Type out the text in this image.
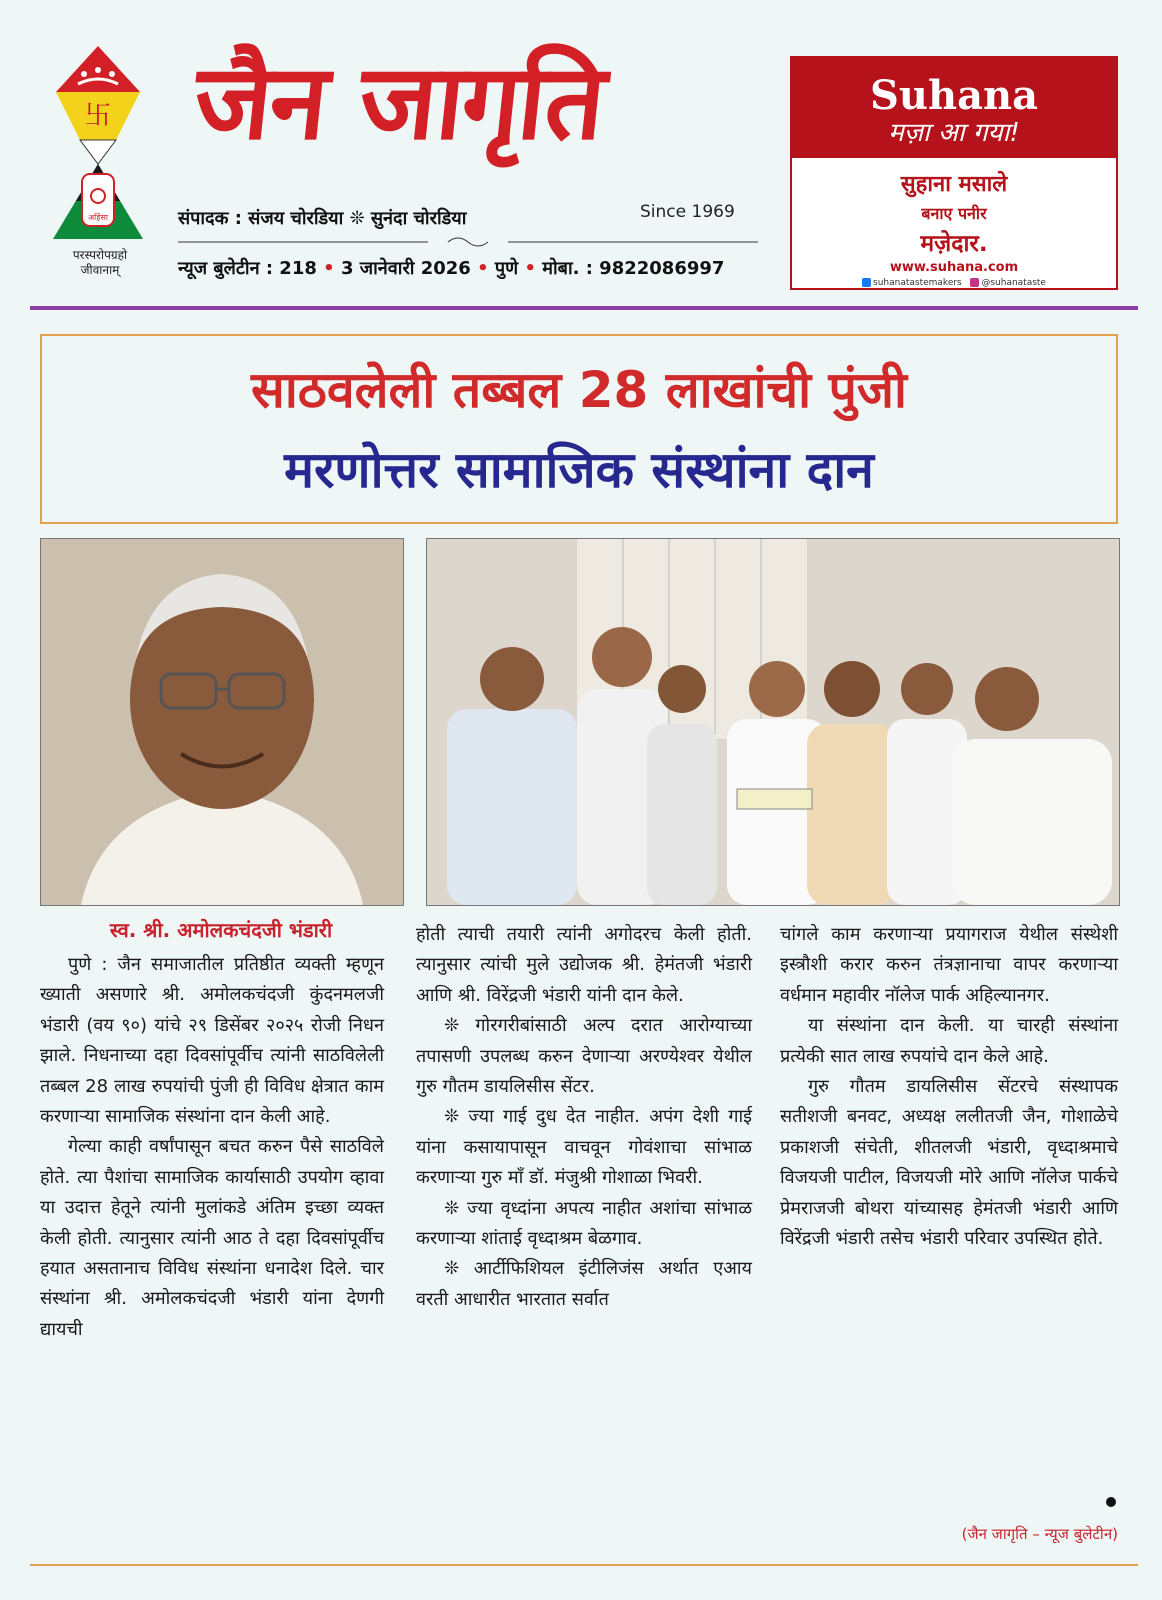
卐
अहिंसा
परस्परोपग्रहो
जीवानाम्
जैन जागृति
संपादक : संजय चोरडिया ❊ सुनंदा चोरडिया	Since 1969
न्यूज बुलेटीन : 218 • 3 जानेवारी 2026 • पुणे • मोबा. : 9822086997
Suhana
मज़ा आ गया!
सुहाना मसाले
बनाए पनीर
मज़ेदार.
www.suhana.com
suhanatastemakers @suhanataste
साठवलेली तब्बल 28 लाखांची पुंजी
मरणोत्तर सामाजिक संस्थांना दान
स्व. श्री. अमोलकचंदजी भंडारी

पुणे : जैन समाजातील प्रतिष्ठीत व्यक्ती म्हणून ख्याती असणारे श्री. अमोलकचंदजी कुंदनमलजी भंडारी (वय ९०) यांचे २९ डिसेंबर २०२५ रोजी निधन झाले. निधनाच्या दहा दिवसांपूर्वीच त्यांनी साठविलेली तब्बल 28 लाख रुपयांची पुंजी ही विविध क्षेत्रात काम करणाऱ्या सामाजिक संस्थांना दान केली आहे.

गेल्या काही वर्षांपासून बचत करुन पैसे साठविले होते. त्या पैशांचा सामाजिक कार्यासाठी उपयोग व्हावा या उदात्त हेतूने त्यांनी मुलांकडे अंतिम इच्छा व्यक्त केली होती. त्यानुसार त्यांनी आठ ते दहा दिवसांपूर्वीच हयात असतानाच विविध संस्थांना धनादेश दिले. चार संस्थांना श्री. अमोलकचंदजी भंडारी यांना देणगी द्यायची

होती त्याची तयारी त्यांनी अगोदरच केली होती. त्यानुसार त्यांची मुले उद्योजक श्री. हेमंतजी भंडारी आणि श्री. विरेंद्रजी भंडारी यांनी दान केले.

❊ गोरगरीबांसाठी अल्प दरात आरोग्याच्या तपासणी उपलब्ध करुन देणाऱ्या अरण्येश्वर येथील गुरु गौतम डायलिसीस सेंटर.

❊ ज्या गाई दुध देत नाहीत. अपंग देशी गाई यांना कसायापासून वाचवून गोवंशाचा सांभाळ करणाऱ्या गुरु माँ डॉ. मंजुश्री गोशाळा भिवरी.

❊ ज्या वृध्दांना अपत्य नाहीत अशांचा सांभाळ करणाऱ्या शांताई वृध्दाश्रम बेळगाव.

❊ आर्टीफिशियल इंटीलिजंस अर्थात एआय वरती आधारीत भारतात सर्वात

चांगले काम करणाऱ्या प्रयागराज येथील संस्थेशी इस्त्रौशी करार करुन तंत्रज्ञानाचा वापर करणाऱ्या वर्धमान महावीर नॉलेज पार्क अहिल्यानगर.

या संस्थांना दान केली. या चारही संस्थांना प्रत्येकी सात लाख रुपयांचे दान केले आहे.

गुरु गौतम डायलिसीस सेंटरचे संस्थापक सतीशजी बनवट, अध्यक्ष ललीतजी जैन, गोशाळेचे प्रकाशजी संचेती, शीतलजी भंडारी, वृध्दाश्रमाचे विजयजी पाटील, विजयजी मोरे आणि नॉलेज पार्कचे प्रेमराजजी बोथरा यांच्यासह हेमंतजी भंडारी आणि विरेंद्रजी भंडारी तसेच भंडारी परिवार उपस्थित होते.

(जैन जागृति – न्यूज बुलेटीन)
